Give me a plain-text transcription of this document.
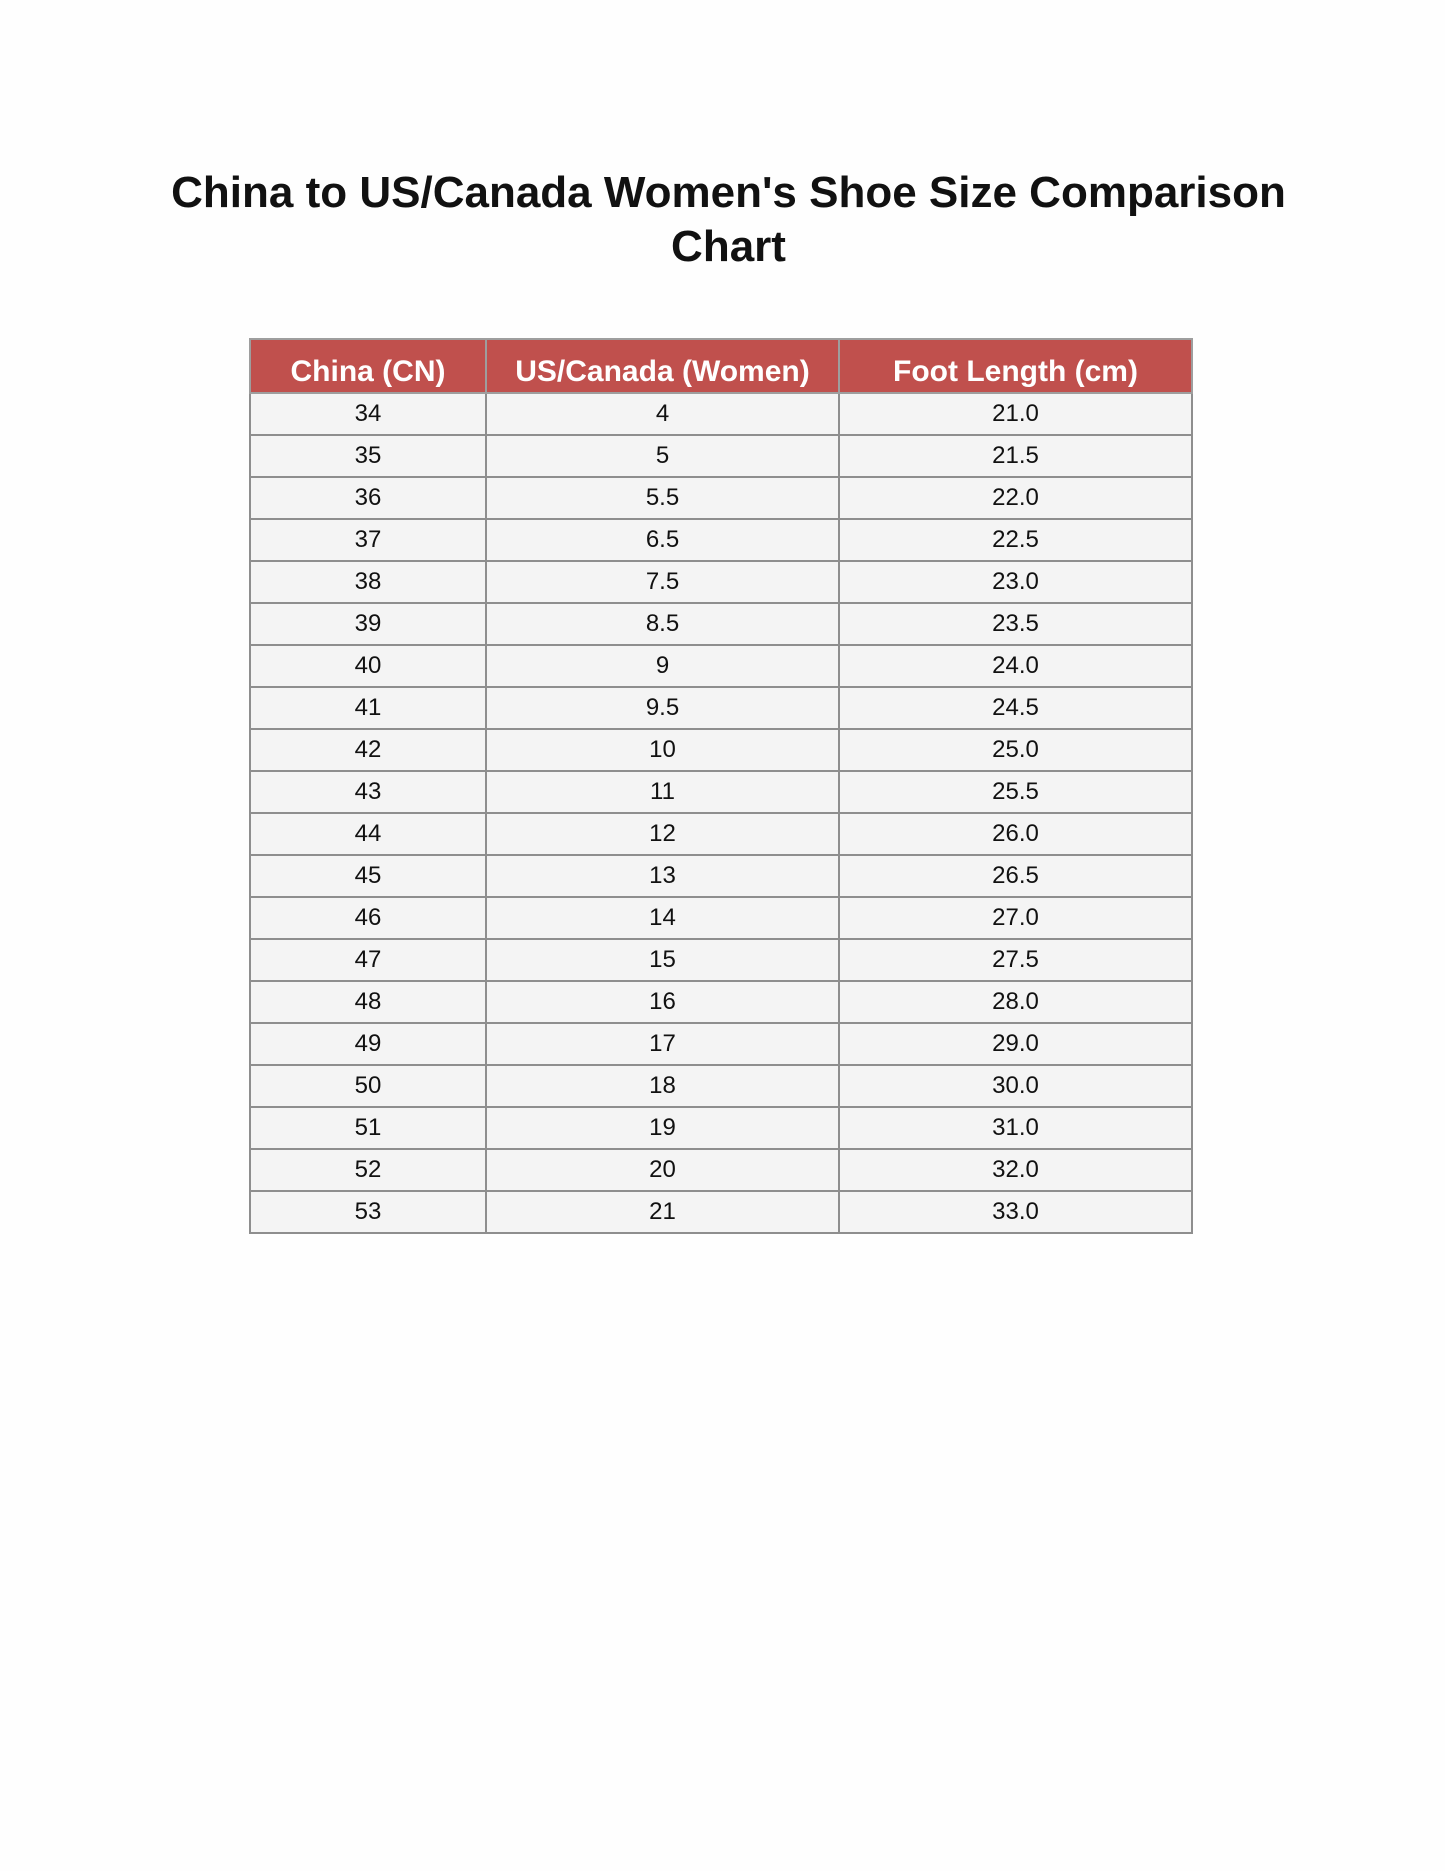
China to US/Canada Women's Shoe Size Comparison Chart
China (CN)	US/Canada (Women)	Foot Length (cm)
34	4	21.0
35	5	21.5
36	5.5	22.0
37	6.5	22.5
38	7.5	23.0
39	8.5	23.5
40	9	24.0
41	9.5	24.5
42	10	25.0
43	11	25.5
44	12	26.0
45	13	26.5
46	14	27.0
47	15	27.5
48	16	28.0
49	17	29.0
50	18	30.0
51	19	31.0
52	20	32.0
53	21	33.0
